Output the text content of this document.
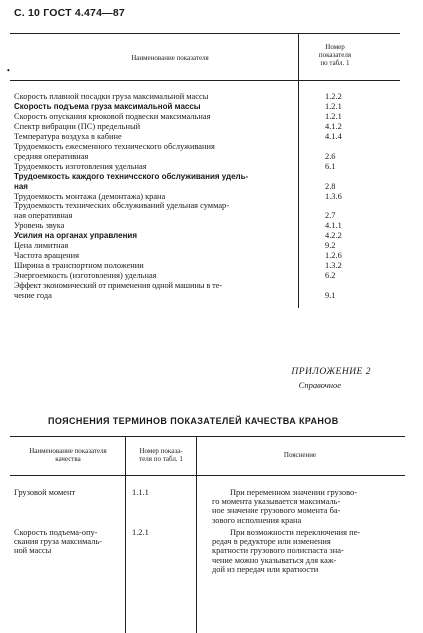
С. 10 ГОСТ 4.474—87
Наименование показателя
Номер
показателя
по табл. 1
•
Скорость плавной посадки груза максимальной массы	1.2.2
Скорость подъема груза максимальной массы	1.2.1
Скорость опускания крюковой подвески максимальная	1.2.1
Спектр вибрации (ПС) предельный	4.1.2
Температура воздуха в кабине	4.1.4
Трудоемкость ежесменного технического обслуживания
средняя оперативная	2.6
Трудоемкость изготовления удельная	6.1
Трудоемкость каждого техничсского обслуживания удель-
ная	2.8
Трудоемкость монтажа (демонтажа) крана	1.3.6
Трудоемкость технических обслуживаний удельная суммар-
ная оперативная	2.7
Уровень звука	4.1.1
Усилия на органах управления	4.2.2
Цена лимитная	9.2
Частота вращения	1.2.6
Ширина в транспортном положении	1.3.2
Энергоемкость (изготовления) удельная	6.2
Эффект экономический от применения одной машины в те-
чение года	9.1
ПРИЛОЖЕНИЕ 2
Справочное
ПОЯСНЕНИЯ ТЕРМИНОВ ПОКАЗАТЕЛЕЙ КАЧЕСТВА КРАНОВ
Наименование показателя
качества
Номер показа-
теля по табл. 1	Пояснение
Грузовой момент	1.1.1	При переменном значении грузово-
го момента указывается максималь-
ное значение грузового момента ба-
зового исполнения крана
Скорость подъема-опу-
скания груза максималь-
ной массы
1.2.1	При возможности переключения пе-
редач в редукторе или изменения
кратности грузового полиспаста зна-
чение можно указываться для каж-
дой из передач или кратности
